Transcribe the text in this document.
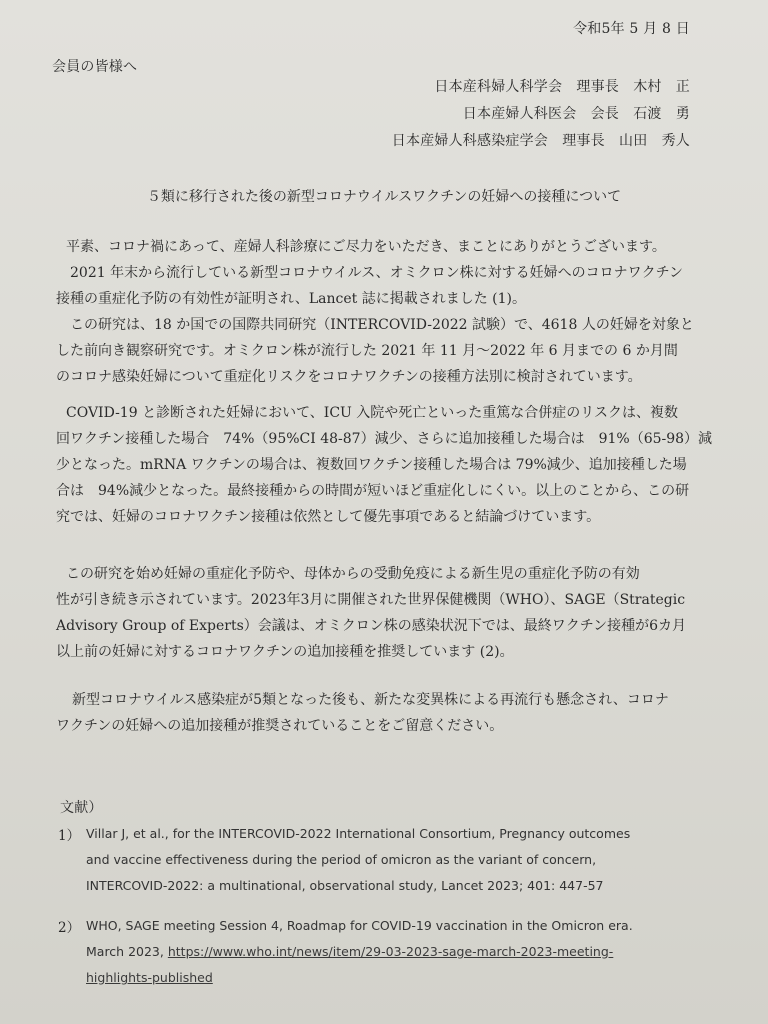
令和5年 5 月 8 日
会員の皆様へ
日本産科婦人科学会　理事長　木村　正
日本産婦人科医会　会長　石渡　勇
日本産婦人科感染症学会　理事長　山田　秀人
５類に移行された後の新型コロナウイルスワクチンの妊婦への接種について
平素、コロナ禍にあって、産婦人科診療にご尽力をいただき、まことにありがとうございます。
2021 年末から流行している新型コロナウイルス、オミクロン株に対する妊婦へのコロナワクチン
接種の重症化予防の有効性が証明され、Lancet 誌に掲載されました (1)。
この研究は、18 か国での国際共同研究（INTERCOVID-2022 試験）で、4618 人の妊婦を対象と
した前向き観察研究です。オミクロン株が流行した 2021 年 11 月～2022 年 6 月までの 6 か月間
のコロナ感染妊婦について重症化リスクをコロナワクチンの接種方法別に検討されています。
COVID-19 と診断された妊婦において、ICU 入院や死亡といった重篤な合併症のリスクは、複数
回ワクチン接種した場合　74%（95%CI 48-87）減少、さらに追加接種した場合は　91%（65-98）減
少となった。mRNA ワクチンの場合は、複数回ワクチン接種した場合は 79%減少、追加接種した場
合は　94%減少となった。最終接種からの時間が短いほど重症化しにくい。以上のことから、この研
究では、妊婦のコロナワクチン接種は依然として優先事項であると結論づけています。
この研究を始め妊婦の重症化予防や、母体からの受動免疫による新生児の重症化予防の有効
性が引き続き示されています。2023年3月に開催された世界保健機関（WHO）、SAGE（Strategic
Advisory Group of Experts）会議は、オミクロン株の感染状況下では、最終ワクチン接種が6カ月
以上前の妊婦に対するコロナワクチンの追加接種を推奨しています (2)。
新型コロナウイルス感染症が5類となった後も、新たな変異株による再流行も懸念され、コロナ
ワクチンの妊婦への追加接種が推奨されていることをご留意ください。
文献）
1） Villar J, et al., for the INTERCOVID-2022 International Consortium, Pregnancy outcomes
and vaccine effectiveness during the period of omicron as the variant of concern,
INTERCOVID-2022: a multinational, observational study, Lancet 2023; 401: 447-57
2） WHO, SAGE meeting Session 4, Roadmap for COVID-19 vaccination in the Omicron era.
March 2023, https://www.who.int/news/item/29-03-2023-sage-march-2023-meeting-
highlights-published
